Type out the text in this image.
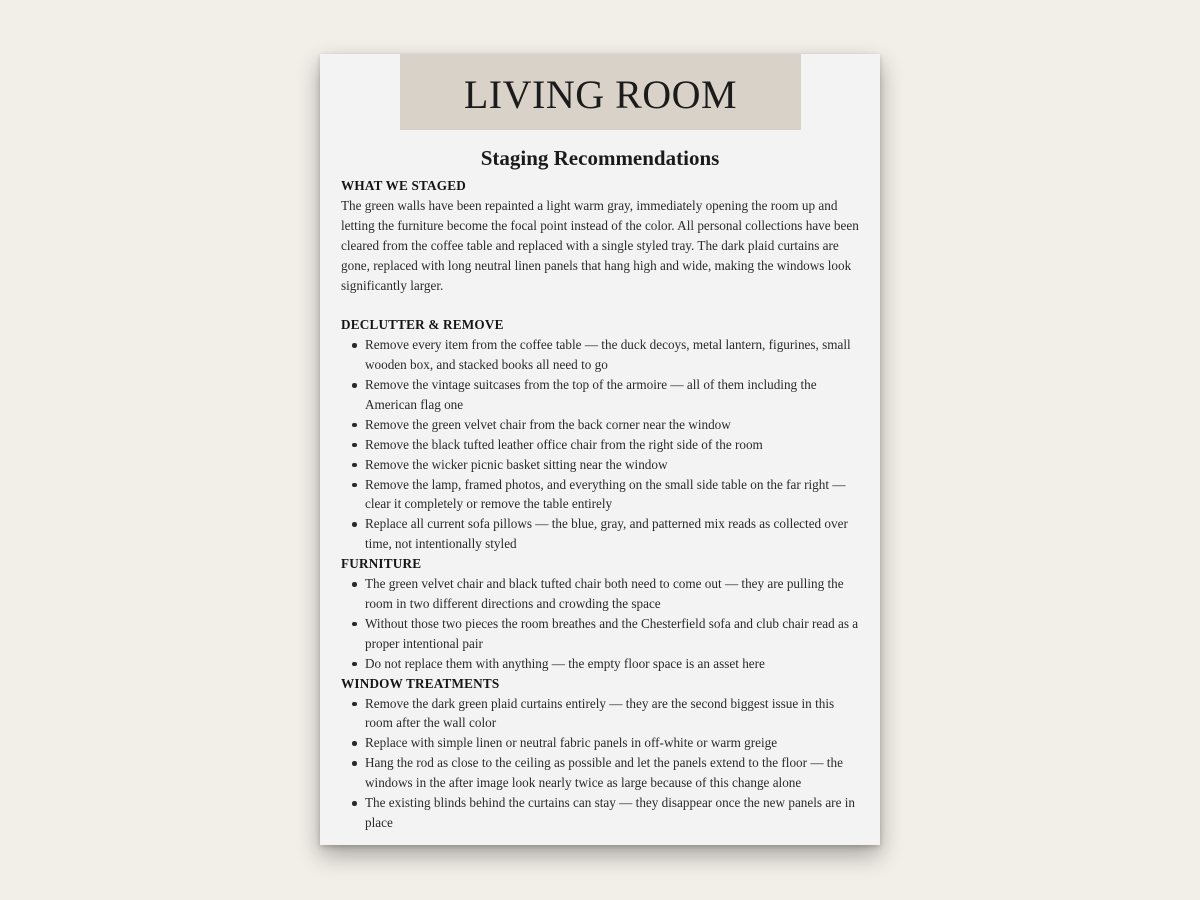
LIVING ROOM
Staging Recommendations
WHAT WE STAGED

The green walls have been repainted a light warm gray, immediately opening the room up and letting the furniture become the focal point instead of the color. All personal collections have been cleared from the coffee table and replaced with a single styled tray. The dark plaid curtains are gone, replaced with long neutral linen panels that hang high and wide, making the windows look significantly larger.

DECLUTTER & REMOVE
Remove every item from the coffee table — the duck decoys, metal lantern, figurines, small wooden box, and stacked books all need to go
Remove the vintage suitcases from the top of the armoire — all of them including the American flag one
Remove the green velvet chair from the back corner near the window
Remove the black tufted leather office chair from the right side of the room
Remove the wicker picnic basket sitting near the window
Remove the lamp, framed photos, and everything on the small side table on the far right — clear it completely or remove the table entirely
Replace all current sofa pillows — the blue, gray, and patterned mix reads as collected over time, not intentionally styled
FURNITURE
The green velvet chair and black tufted chair both need to come out — they are pulling the room in two different directions and crowding the space
Without those two pieces the room breathes and the Chesterfield sofa and club chair read as a proper intentional pair
Do not replace them with anything — the empty floor space is an asset here
WINDOW TREATMENTS
Remove the dark green plaid curtains entirely — they are the second biggest issue in this room after the wall color
Replace with simple linen or neutral fabric panels in off-white or warm greige
Hang the rod as close to the ceiling as possible and let the panels extend to the floor — the windows in the after image look nearly twice as large because of this change alone
The existing blinds behind the curtains can stay — they disappear once the new panels are in place
